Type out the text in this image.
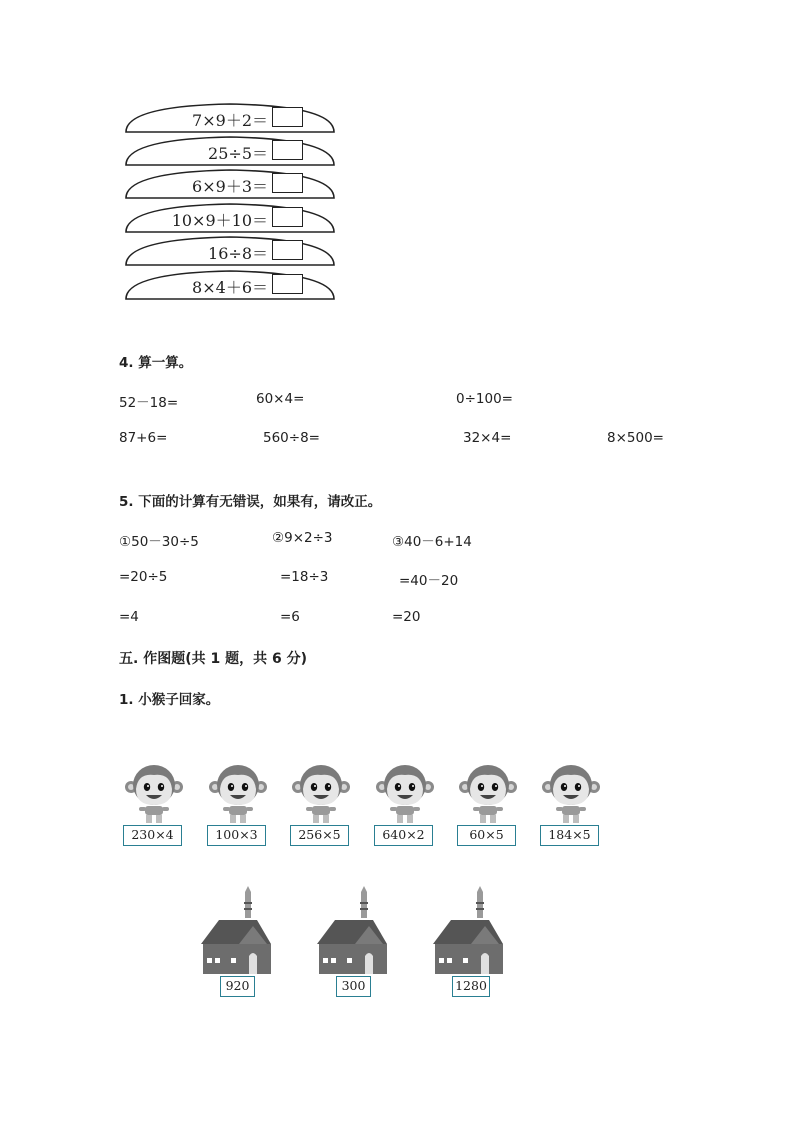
7×9＋2＝
25÷5＝
6×9＋3＝
10×9＋10＝
16÷8＝
8×4＋6＝
4. 算一算。
52－18=	60×4=	0÷100=
87+6=	560÷8=	32×4=	8×500=
5. 下面的计算有无错误，如果有，请改正。
①50－30÷5
=20÷5
=4
②9×2÷3
=18÷3
=6
③40－6+14
=40－20
=20
五. 作图题(共 1 题，共 6 分)
1. 小猴子回家。
230×4	100×3	256×5	640×2	60×5	184×5
920	300	1280
